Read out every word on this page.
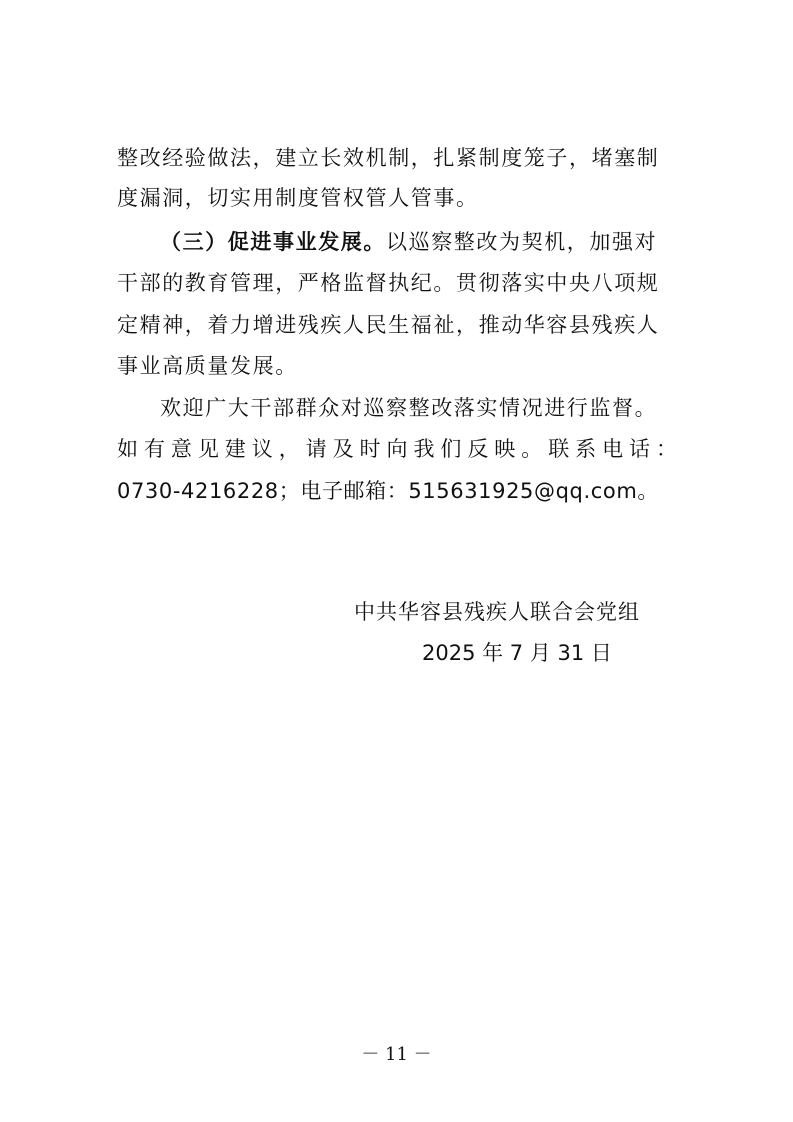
整改经验做法，建立长效机制，扎紧制度笼子，堵塞制
度漏洞，切实用制度管权管人管事。
（三）促进事业发展。以巡察整改为契机，加强对
干部的教育管理，严格监督执纪。贯彻落实中央八项规
定精神，着力增进残疾人民生福祉，推动华容县残疾人
事业高质量发展。
欢迎广大干部群众对巡察整改落实情况进行监督。
如有意见建议，请及时向我们反映。联系电话：
0730-4216228；电子邮箱：515631925@qq.com。
中共华容县残疾人联合会党组
2025 年 7 月 31 日
－ 11 －
